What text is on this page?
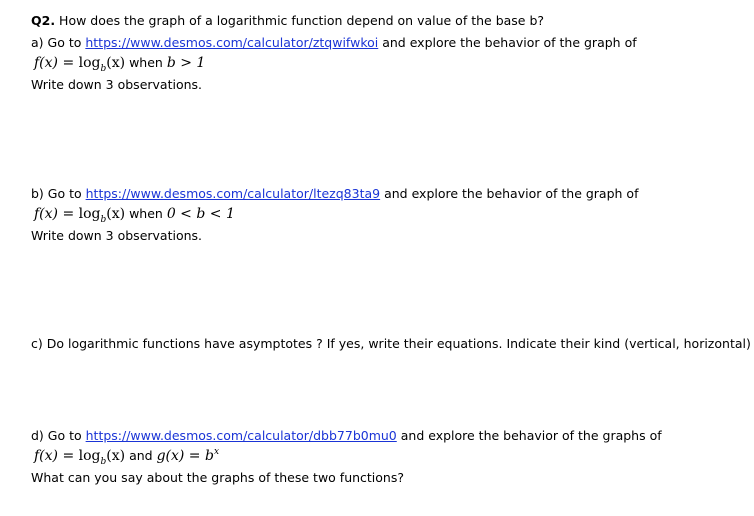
Q2. How does the graph of a logarithmic function depend on value of the base b?
a) Go to https://www.desmos.com/calculator/ztqwifwkoi and explore the behavior of the graph of
$f(x) = \log_b(x)$ when b > 1
Write down 3 observations.
b) Go to https://www.desmos.com/calculator/ltezq83ta9 and explore the behavior of the graph of
$f(x) = \log_b(x)$ when 0 < b < 1
Write down 3 observations.
c) Do logarithmic functions have asymptotes ? If yes, write their equations. Indicate their kind (vertical, horizontal)
d) Go to https://www.desmos.com/calculator/dbb77b0mu0 and explore the behavior of the graphs of
$f(x) = \log_b(x)$ and $g(x) = b^x$
What can you say about the graphs of these two functions?
